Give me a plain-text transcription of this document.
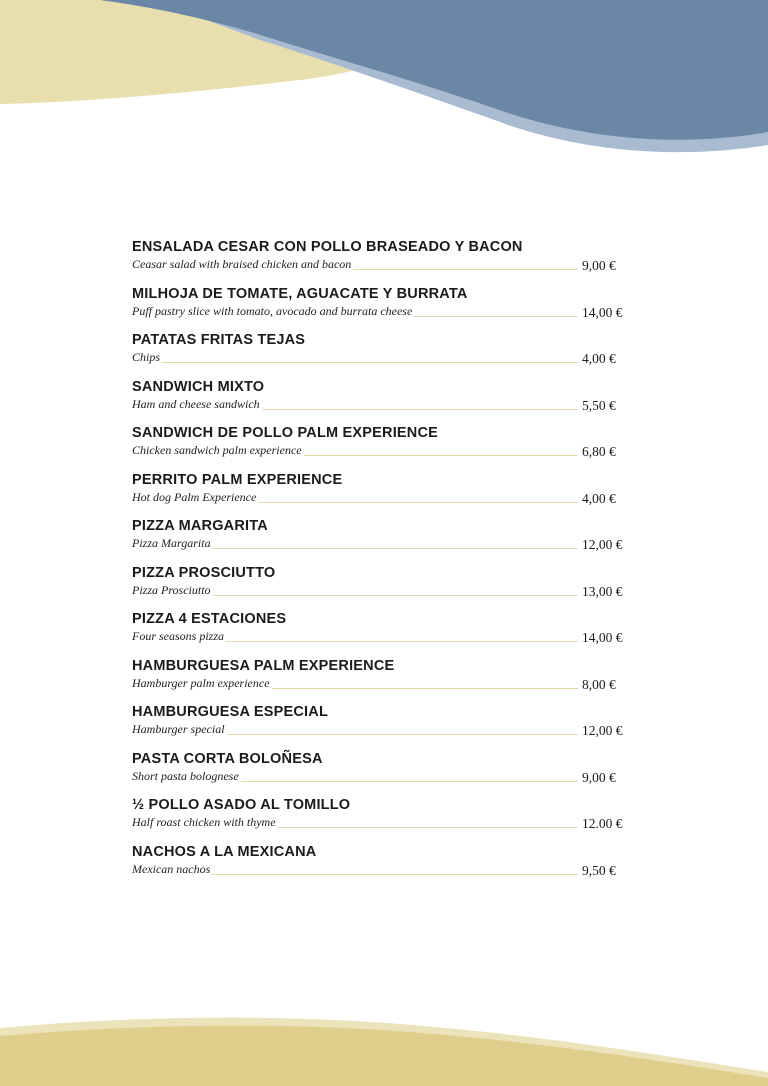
ENSALADA CESAR CON POLLO BRASEADO Y BACON
Ceasar salad with braised chicken and bacon	9,00 €
MILHOJA DE TOMATE, AGUACATE Y BURRATA
Puff pastry slice with tomato, avocado and burrata cheese	14,00 €
PATATAS FRITAS TEJAS
Chips	4,00 €
SANDWICH MIXTO
Ham and cheese sandwich	5,50 €
SANDWICH DE POLLO PALM EXPERIENCE
Chicken sandwich palm experience	6,80 €
PERRITO PALM EXPERIENCE
Hot dog Palm Experience	4,00 €
PIZZA MARGARITA
Pizza Margarita	12,00 €
PIZZA PROSCIUTTO
Pizza Prosciutto	13,00 €
PIZZA 4 ESTACIONES
Four seasons pizza	14,00 €
HAMBURGUESA PALM EXPERIENCE
Hamburger palm experience	8,00 €
HAMBURGUESA ESPECIAL
Hamburger special	12,00 €
PASTA CORTA BOLOÑESA
Short pasta bolognese	9,00 €
½ POLLO ASADO AL TOMILLO
Half roast chicken with thyme	12.00 €
NACHOS A LA MEXICANA
Mexican nachos	9,50 €
